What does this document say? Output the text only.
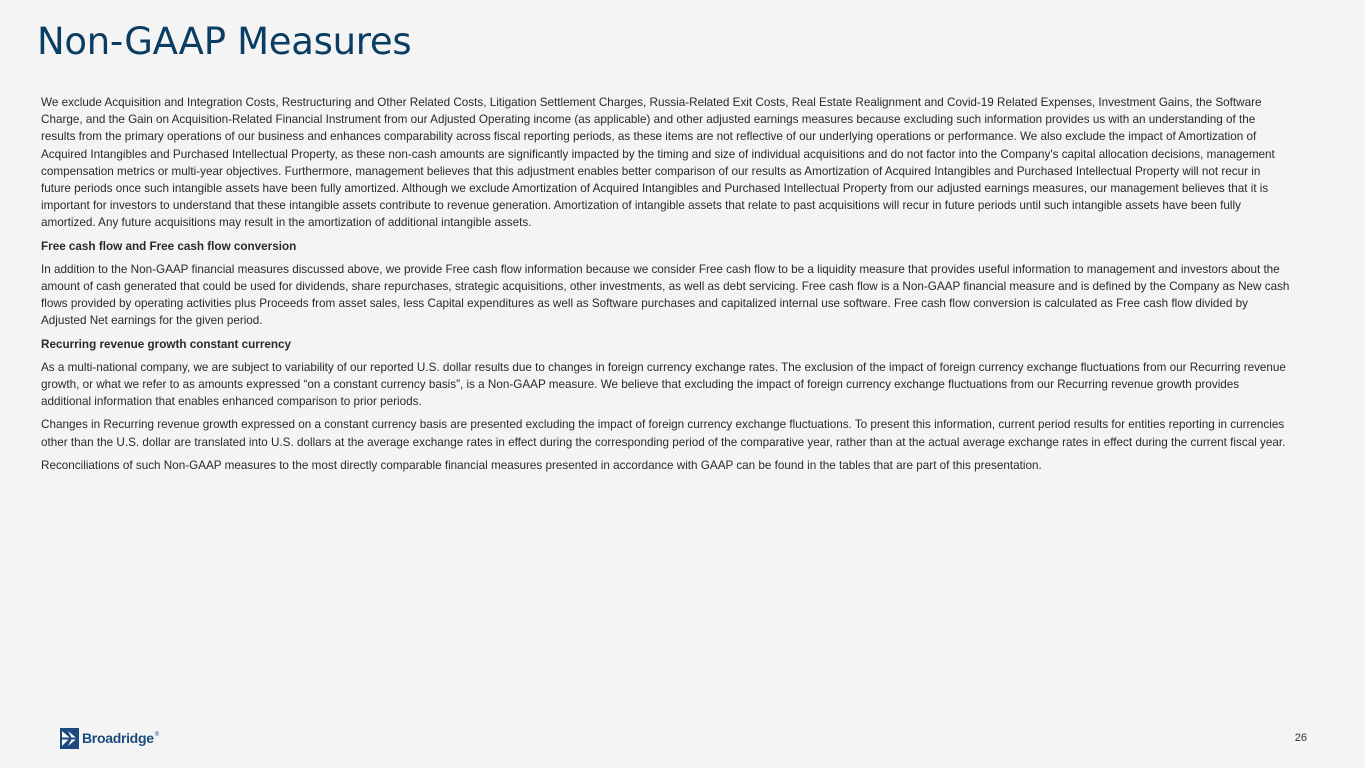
Non-GAAP Measures

We exclude Acquisition and Integration Costs, Restructuring and Other Related Costs, Litigation Settlement Charges, Russia-Related Exit Costs, Real Estate Realignment and Covid-19 Related Expenses, Investment Gains, the Software Charge, and the Gain on Acquisition-Related Financial Instrument from our Adjusted Operating income (as applicable) and other adjusted earnings measures because excluding such information provides us with an understanding of the results from the primary operations of our business and enhances comparability across fiscal reporting periods, as these items are not reflective of our underlying operations or performance. We also exclude the impact of Amortization of Acquired Intangibles and Purchased Intellectual Property, as these non-cash amounts are significantly impacted by the timing and size of individual acquisitions and do not factor into the Company's capital allocation decisions, management compensation metrics or multi-year objectives. Furthermore, management believes that this adjustment enables better comparison of our results as Amortization of Acquired Intangibles and Purchased Intellectual Property will not recur in future periods once such intangible assets have been fully amortized. Although we exclude Amortization of Acquired Intangibles and Purchased Intellectual Property from our adjusted earnings measures, our management believes that it is important for investors to understand that these intangible assets contribute to revenue generation. Amortization of intangible assets that relate to past acquisitions will recur in future periods until such intangible assets have been fully amortized. Any future acquisitions may result in the amortization of additional intangible assets.

Free cash flow and Free cash flow conversion

In addition to the Non-GAAP financial measures discussed above, we provide Free cash flow information because we consider Free cash flow to be a liquidity measure that provides useful information to management and investors about the amount of cash generated that could be used for dividends, share repurchases, strategic acquisitions, other investments, as well as debt servicing. Free cash flow is a Non-GAAP financial measure and is defined by the Company as New cash flows provided by operating activities plus Proceeds from asset sales, less Capital expenditures as well as Software purchases and capitalized internal use software. Free cash flow conversion is calculated as Free cash flow divided by Adjusted Net earnings for the given period.

Recurring revenue growth constant currency

As a multi-national company, we are subject to variability of our reported U.S. dollar results due to changes in foreign currency exchange rates. The exclusion of the impact of foreign currency exchange fluctuations from our Recurring revenue growth, or what we refer to as amounts expressed “on a constant currency basis”, is a Non-GAAP measure. We believe that excluding the impact of foreign currency exchange fluctuations from our Recurring revenue growth provides additional information that enables enhanced comparison to prior periods.

Changes in Recurring revenue growth expressed on a constant currency basis are presented excluding the impact of foreign currency exchange fluctuations. To present this information, current period results for entities reporting in currencies other than the U.S. dollar are translated into U.S. dollars at the average exchange rates in effect during the corresponding period of the comparative year, rather than at the actual average exchange rates in effect during the current fiscal year.

Reconciliations of such Non-GAAP measures to the most directly comparable financial measures presented in accordance with GAAP can be found in the tables that are part of this presentation.

Broadridge ®	26
